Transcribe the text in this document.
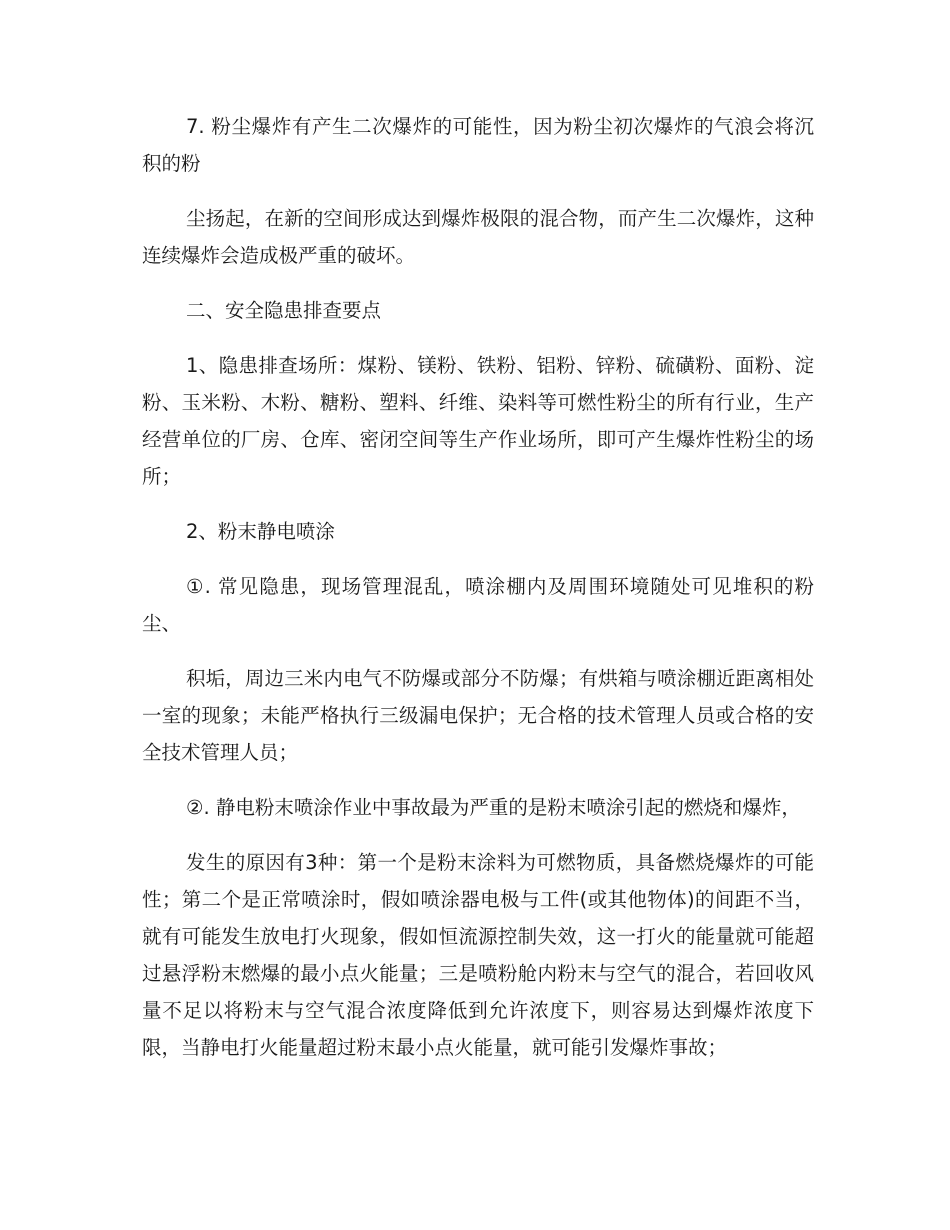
7. 粉尘爆炸有产生二次爆炸的可能性，因为粉尘初次爆炸的气浪会将沉积的粉

尘扬起，在新的空间形成达到爆炸极限的混合物，而产生二次爆炸，这种连续爆炸会造成极严重的破坏。

二、安全隐患排查要点

1、隐患排查场所：煤粉、镁粉、铁粉、铝粉、锌粉、硫磺粉、面粉、淀粉、玉米粉、木粉、糖粉、塑料、纤维、染料等可燃性粉尘的所有行业，生产经营单位的厂房、仓库、密闭空间等生产作业场所，即可产生爆炸性粉尘的场所；

2、粉末静电喷涂

①. 常见隐患，现场管理混乱，喷涂棚内及周围环境随处可见堆积的粉尘、

积垢，周边三米内电气不防爆或部分不防爆；有烘箱与喷涂棚近距离相处一室的现象；未能严格执行三级漏电保护；无合格的技术管理人员或合格的安全技术管理人员；

②. 静电粉末喷涂作业中事故最为严重的是粉末喷涂引起的燃烧和爆炸，

发生的原因有3种：第一个是粉末涂料为可燃物质，具备燃烧爆炸的可能性；第二个是正常喷涂时，假如喷涂器电极与工件(或其他物体)的间距不当，就有可能发生放电打火现象，假如恒流源控制失效，这一打火的能量就可能超过悬浮粉末燃爆的最小点火能量；三是喷粉舱内粉末与空气的混合，若回收风量不足以将粉末与空气混合浓度降低到允许浓度下，则容易达到爆炸浓度下限，当静电打火能量超过粉末最小点火能量，就可能引发爆炸事故；
